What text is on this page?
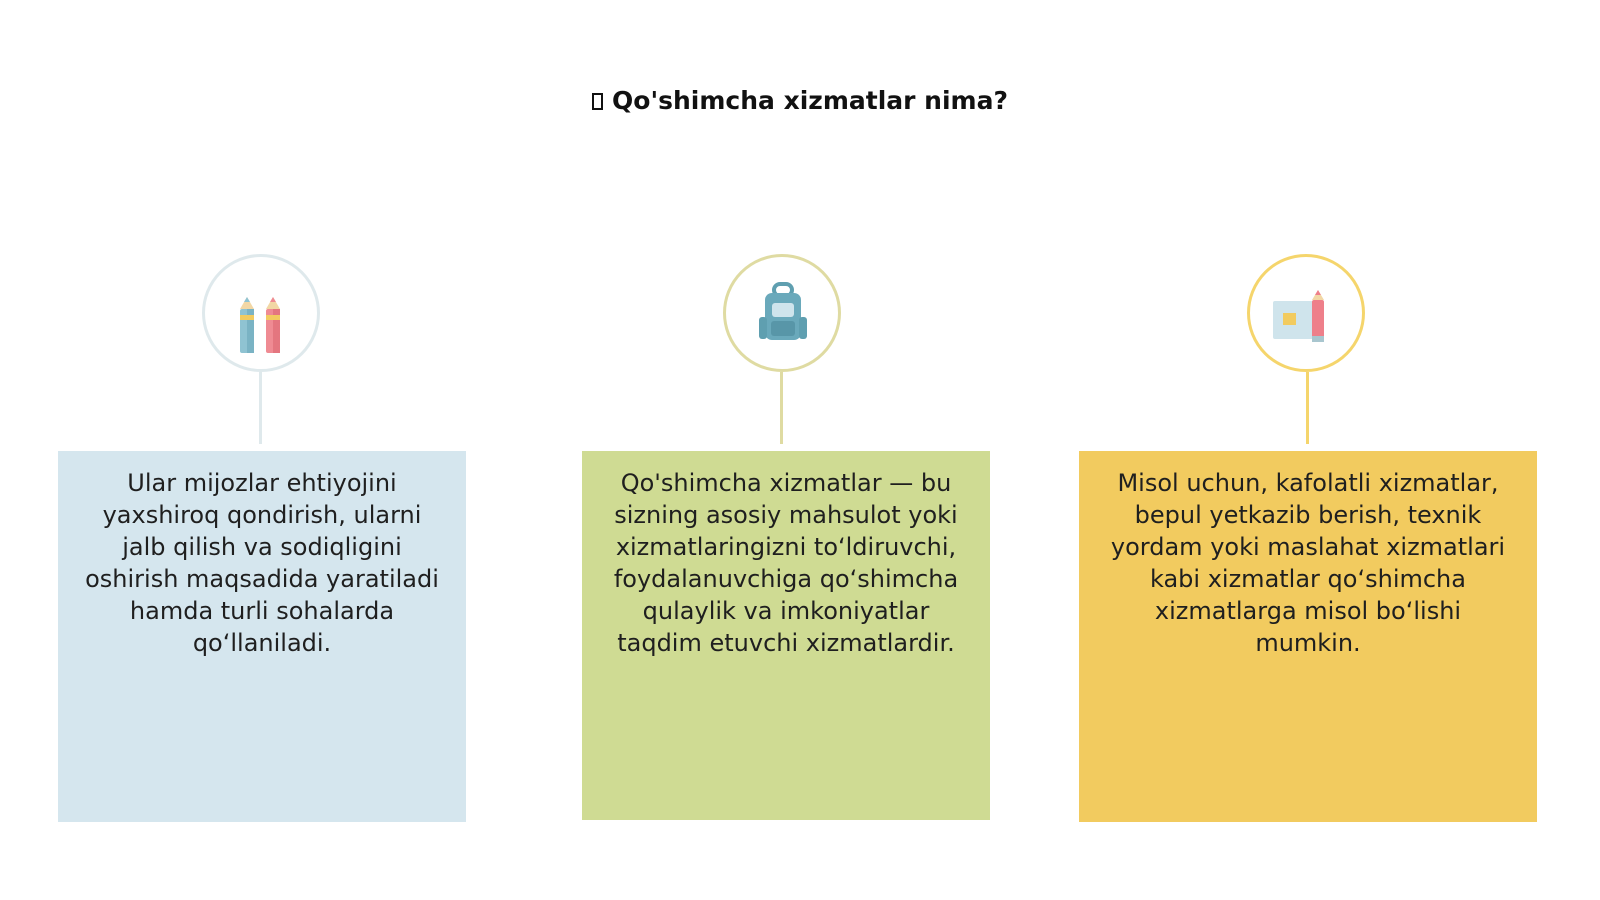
Qo'shimcha xizmatlar nima?
Ular mijozlar ehtiyojini yaxshiroq qondirish, ularni jalb qilish va sodiqligini oshirish maqsadida yaratiladi hamda turli sohalarda qo‘llaniladi.
Qo'shimcha xizmatlar — bu sizning asosiy mahsulot yoki xizmatlaringizni to‘ldiruvchi, foydalanuvchiga qo‘shimcha qulaylik va imkoniyatlar taqdim etuvchi xizmatlardir.
Misol uchun, kafolatli xizmatlar, bepul yetkazib berish, texnik yordam yoki maslahat xizmatlari kabi xizmatlar qo‘shimcha xizmatlarga misol bo‘lishi mumkin.
